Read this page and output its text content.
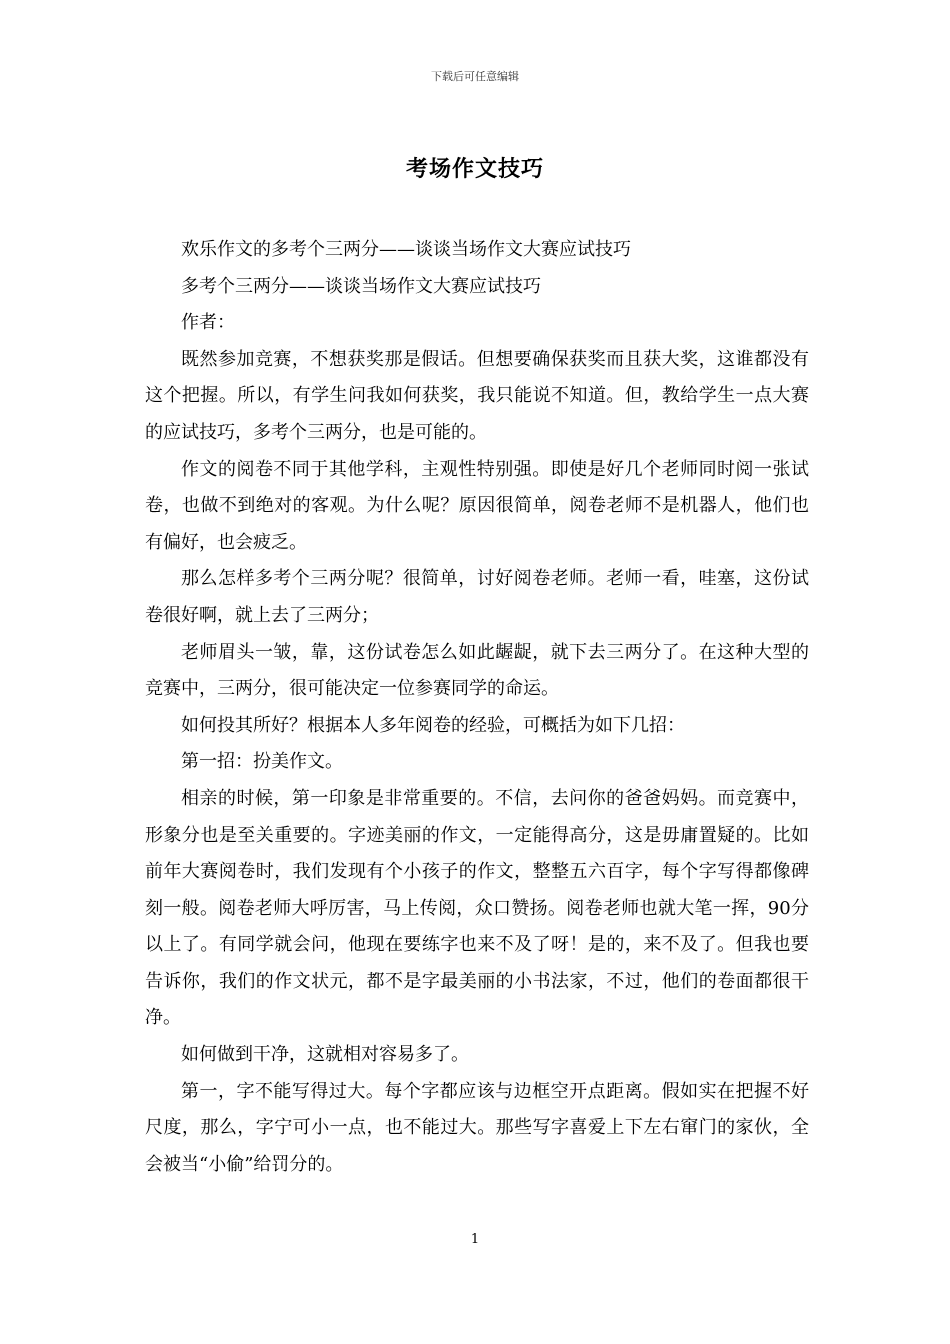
下载后可任意编辑
考场作文技巧

欢乐作文的多考个三两分——谈谈当场作文大赛应试技巧

多考个三两分——谈谈当场作文大赛应试技巧

作者：

既然参加竞赛，不想获奖那是假话。但想要确保获奖而且获大奖，这谁都没有这个把握。所以，有学生问我如何获奖，我只能说不知道。但，教给学生一点大赛的应试技巧，多考个三两分，也是可能的。

作文的阅卷不同于其他学科，主观性特别强。即使是好几个老师同时阅一张试卷，也做不到绝对的客观。为什么呢？原因很简单，阅卷老师不是机器人，他们也有偏好，也会疲乏。

那么怎样多考个三两分呢？很简单，讨好阅卷老师。老师一看，哇塞，这份试卷很好啊，就上去了三两分；

老师眉头一皱，靠，这份试卷怎么如此龌龊，就下去三两分了。在这种大型的竞赛中，三两分，很可能决定一位参赛同学的命运。

如何投其所好？根据本人多年阅卷的经验，可概括为如下几招：

第一招：扮美作文。

相亲的时候，第一印象是非常重要的。不信，去问你的爸爸妈妈。而竞赛中，形象分也是至关重要的。字迹美丽的作文，一定能得高分，这是毋庸置疑的。比如前年大赛阅卷时，我们发现有个小孩子的作文，整整五六百字，每个字写得都像碑刻一般。阅卷老师大呼厉害，马上传阅，众口赞扬。阅卷老师也就大笔一挥，90分以上了。有同学就会问，他现在要练字也来不及了呀！是的，来不及了。但我也要告诉你，我们的作文状元，都不是字最美丽的小书法家，不过，他们的卷面都很干净。

如何做到干净，这就相对容易多了。

第一，字不能写得过大。每个字都应该与边框空开点距离。假如实在把握不好尺度，那么，字宁可小一点，也不能过大。那些写字喜爱上下左右窜门的家伙，全会被当“小偷”给罚分的。

1
